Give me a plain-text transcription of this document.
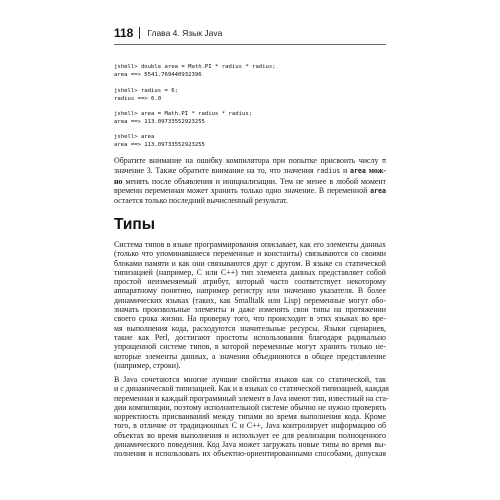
118 Глава 4. Язык Java
jshell> double area = Math.PI * radius * radius;
area ==> 5541.769440932396
jshell> radius = 6;
radius ==> 6.0
jshell> area = Math.PI * radius * radius;
area ==> 113.09733552923255
jshell> area
area ==> 113.09733552923255
Обратите внимание на ошибку компилятора при попытке присвоить числу π
значение 3. Также обратите внимание на то, что значения radius и area мож-
но менять после объявления и инициализации. Тем не менее в любой момент
времени переменная может хранить только одно значение. В переменной area
остается только последний вычисленный результат.
Типы
Система типов в языке программирования описывает, как его элементы данных
(только что упоминавшиеся переменные и константы) связываются со своими
блоками памяти и как они связываются друг с другом. В языке со статической
типизацией (например, С или С++) тип элемента данных представляет собой
простой неизменяемый атрибут, который часто соответствует некоторому
аппаратному понятию, например регистру или значению указателя. В более
динамических языках (таких, как Smalltalk или Lisp) переменные могут обо-
значать произвольные элементы и даже изменять свои типы на протяжении
своего срока жизни. На проверку того, что происходит в этих языках во вре-
мя выполнения кода, расходуются значительные ресурсы. Языки сценариев,
такие как Perl, достигают простоты использования благодаря радикально
упрощенной системе типов, в которой переменные могут хранить только не-
которые элементы данных, а значения объединяются в общее представление
(например, строки).
В Java сочетаются многие лучшие свойства языков как со статической, так
и с динамической типизацией. Как и в языках со статической типизацией, каждая
переменная и каждый программный элемент в Java имеют тип, известный на ста-
дии компиляции, поэтому исполнительной системе обычно не нужно проверять
корректность присваиваний между типами во время выполнения кода. Кроме
того, в отличие от традиционных С и С++, Java контролирует информацию об
объектах во время выполнения и использует ее для реализации полноценного
динамического поведения. Код Java может загружать новые типы во время вы-
полнения и использовать их объектно-ориентированными способами, допуская
